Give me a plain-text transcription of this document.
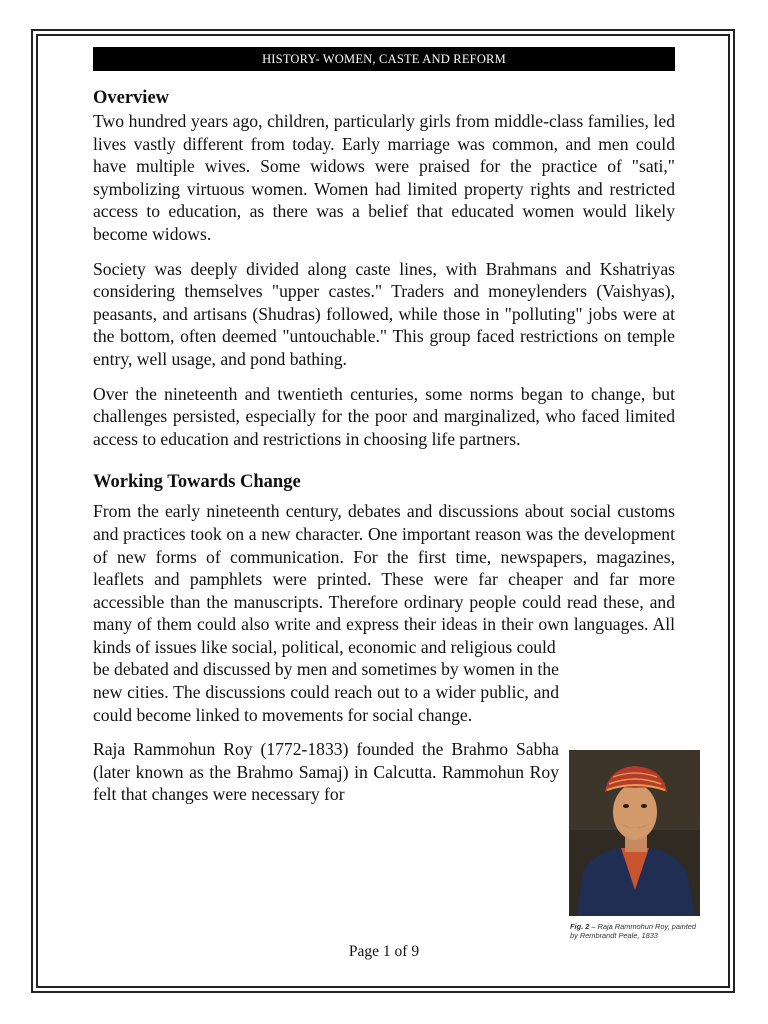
HISTORY- WOMEN, CASTE AND REFORM
Overview

Two hundred years ago, children, particularly girls from middle-class families, led lives vastly different from today. Early marriage was common, and men could have multiple wives. Some widows were praised for the practice of "sati," symbolizing virtuous women. Women had limited property rights and restricted access to education, as there was a belief that educated women would likely become widows.

Society was deeply divided along caste lines, with Brahmans and Kshatriyas considering themselves "upper castes." Traders and moneylenders (Vaishyas), peasants, and artisans (Shudras) followed, while those in "polluting" jobs were at the bottom, often deemed "untouchable." This group faced restrictions on temple entry, well usage, and pond bathing.

Over the nineteenth and twentieth centuries, some norms began to change, but challenges persisted, especially for the poor and marginalized, who faced limited access to education and restrictions in choosing life partners.

Working Towards Change

From the early nineteenth century, debates and discussions about social customs and practices took on a new character. One important reason was the development of new forms of communication. For the first time, newspapers, magazines, leaflets and pamphlets were printed. These were far cheaper and far more accessible than the manuscripts. Therefore ordinary people could read these, and many of them could also write and express their ideas in their own languages. All kinds of issues like social, political, economic and religious could

be debated and discussed by men and sometimes by women in the new cities. The discussions could reach out to a wider public, and could become linked to movements for social change.

Raja Rammohun Roy (1772-1833) founded the Brahmo Sabha (later known as the Brahmo Samaj) in Calcutta. Rammohun Roy felt that changes were necessary for

Fig. 2 – Raja Rammohun Roy, painted by Rembrandt Peale, 1833
Page 1 of 9
